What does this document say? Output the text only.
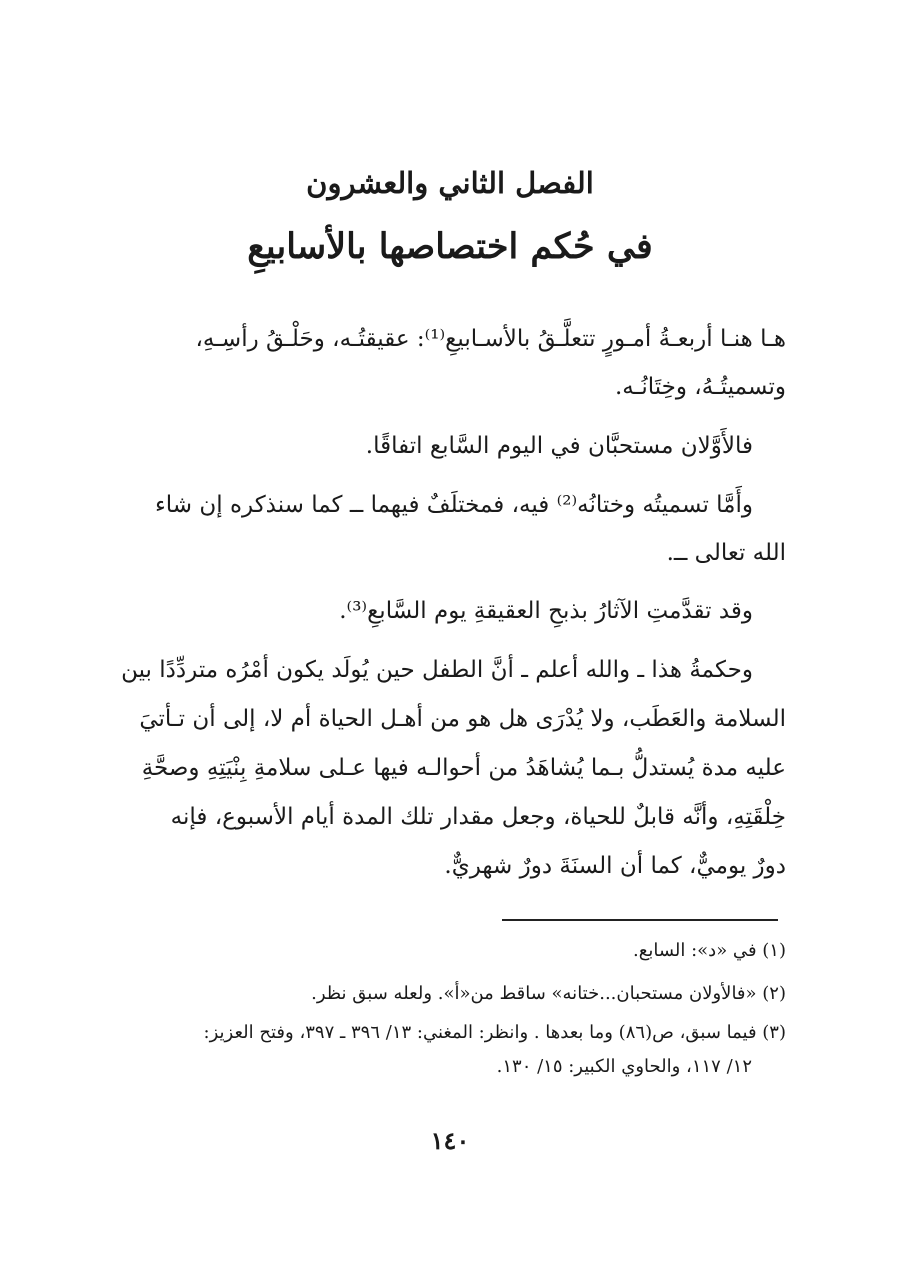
الفصل الثاني والعشرون
في حُكم اختصاصها بالأسابيعِ
هـا هنـا أربعـةُ أمـورٍ تتعلَّـقُ بالأسـابيعِ⁽¹⁾: عقيقتُـه، وحَلْـقُ رأسِـهِ،
وتسميتُـهُ، وخِتَانُـه.
فالأَوَّلان مستحبَّان في اليوم السَّابع اتفاقًا.
وأَمَّا تسميتُه وختانُه⁽²⁾ فيه، فمختلَفٌ فيهما ــ كما سنذكره إن شاء
الله تعالى ــ.
وقد تقدَّمتِ الآثارُ بذبحِ العقيقةِ يوم السَّابعِ⁽³⁾.
وحكمةُ هذا ـ والله أعلم ـ أنَّ الطفل حين يُولَد يكون أمْرُه متردِّدًا بين
السلامة والعَطَب، ولا يُدْرَى هل هو من أهـل الحياة أم لا، إلى أن تـأتيَ
عليه مدة يُستدلُّ بـما يُشاهَدُ من أحوالـه فيها عـلى سلامةِ بِنْيَتِهِ وصحَّةِ
خِلْقَتِهِ، وأنَّه قابلٌ للحياة، وجعل مقدار تلك المدة أيام الأسبوع، فإنه
دورٌ يوميٌّ، كما أن السنَةَ دورٌ شهريٌّ.
(١) في «د»: السابع.
(٢) «فالأولان مستحبان...ختانه» ساقط من«أ». ولعله سبق نظر.
(٣) فيما سبق، ص(٨٦) وما بعدها . وانظر: المغني: ١٣/ ٣٩٦ ـ ٣٩٧، وفتح العزيز:
١٢/ ١١٧، والحاوي الكبير: ١٥/ ١٣٠.
١٤٠
